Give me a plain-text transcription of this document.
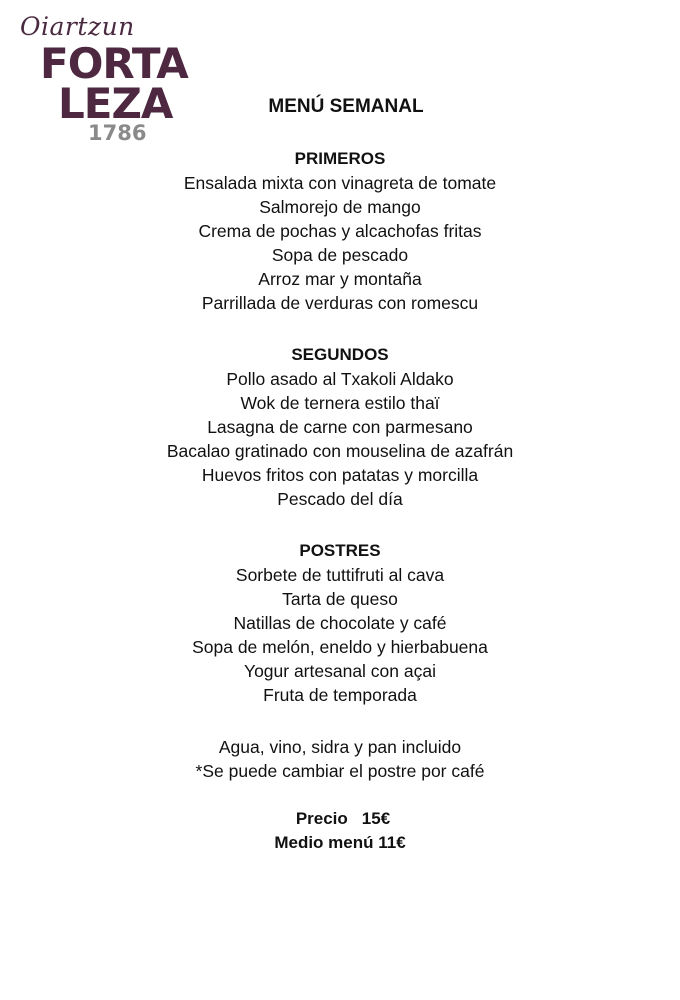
Oiartzun
FORTA
LEZA
1786
MENÚ SEMANAL
PRIMEROS
Ensalada mixta con vinagreta de tomate
Salmorejo de mango
Crema de pochas y alcachofas fritas
Sopa de pescado
Arroz mar y montaña
Parrillada de verduras con romescu
SEGUNDOS
Pollo asado al Txakoli Aldako
Wok de ternera estilo thaï
Lasagna de carne con parmesano
Bacalao gratinado con mouselina de azafrán
Huevos fritos con patatas y morcilla
Pescado del día
POSTRES
Sorbete de tuttifruti al cava
Tarta de queso
Natillas de chocolate y café
Sopa de melón, eneldo y hierbabuena
Yogur artesanal con açai
Fruta de temporada
Agua, vino, sidra y pan incluido
*Se puede cambiar el postre por café
Precio 15€
Medio menú 11€
